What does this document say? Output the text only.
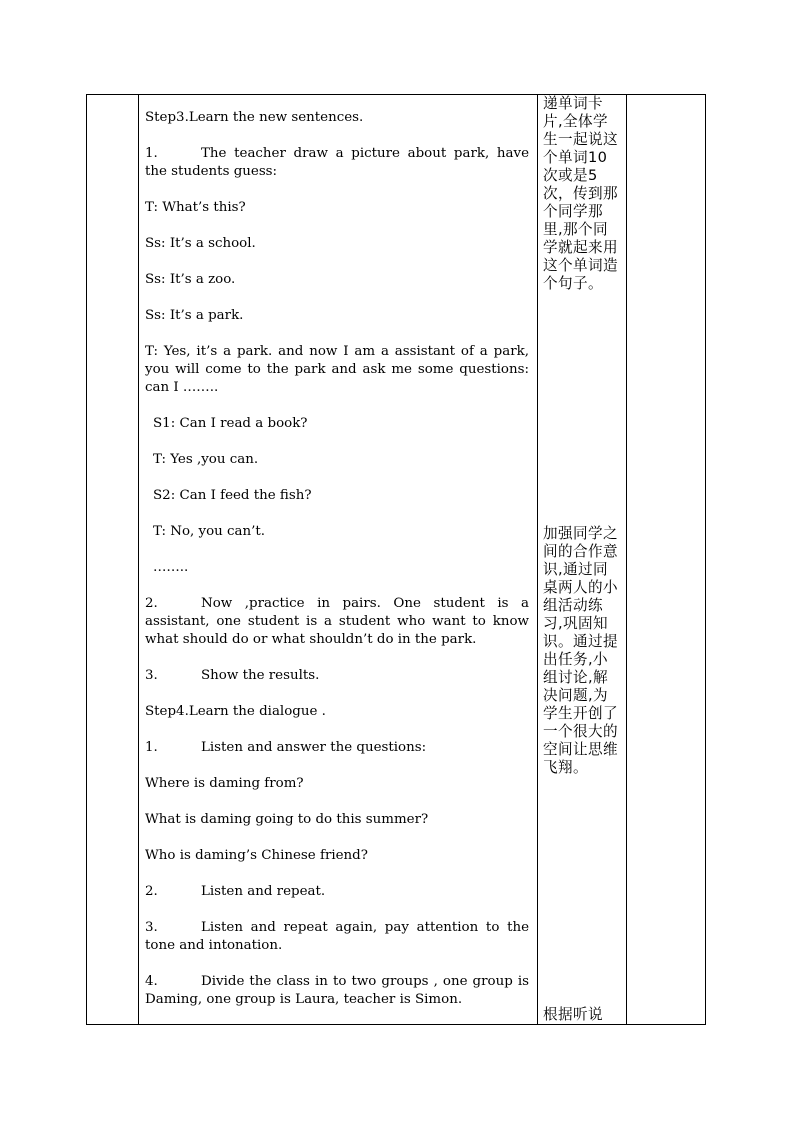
Step3.Learn the new sentences.

1.	The teacher draw a picture about park, have the students guess:

T: What’s this?

Ss: It’s a school.

Ss: It’s a zoo.

Ss: It’s a park.

T: Yes, it’s a park. and now I am a assistant of a park, you will come to the park and ask me some questions: can I ……..

S1: Can I read a book?

T: Yes ,you can.

S2: Can I feed the fish?

T: No, you can’t.

……..

2.	Now ,practice in pairs. One student is a assistant, one student is a student who want to know what should do or what shouldn’t do in the park.

3.	Show the results.

Step4.Learn the dialogue .

1.	Listen and answer the questions:

Where is daming from?

What is daming going to do this summer?

Who is daming’s Chinese friend?

2.	Listen and repeat.

3.	Listen and repeat again, pay attention to the tone and intonation.

4.	Divide the class in to two groups , one group is Daming, one group is Laura, teacher is Simon.

递单词卡片,全体学生一起说这个单词10次或是5次，传到那个同学那里,那个同学就起来用这个单词造个句子。
加强同学之间的合作意识,通过同桌两人的小组活动练习,巩固知识。通过提出任务,小组讨论,解决问题,为学生开创了一个很大的空间让思维飞翔。
根据听说
